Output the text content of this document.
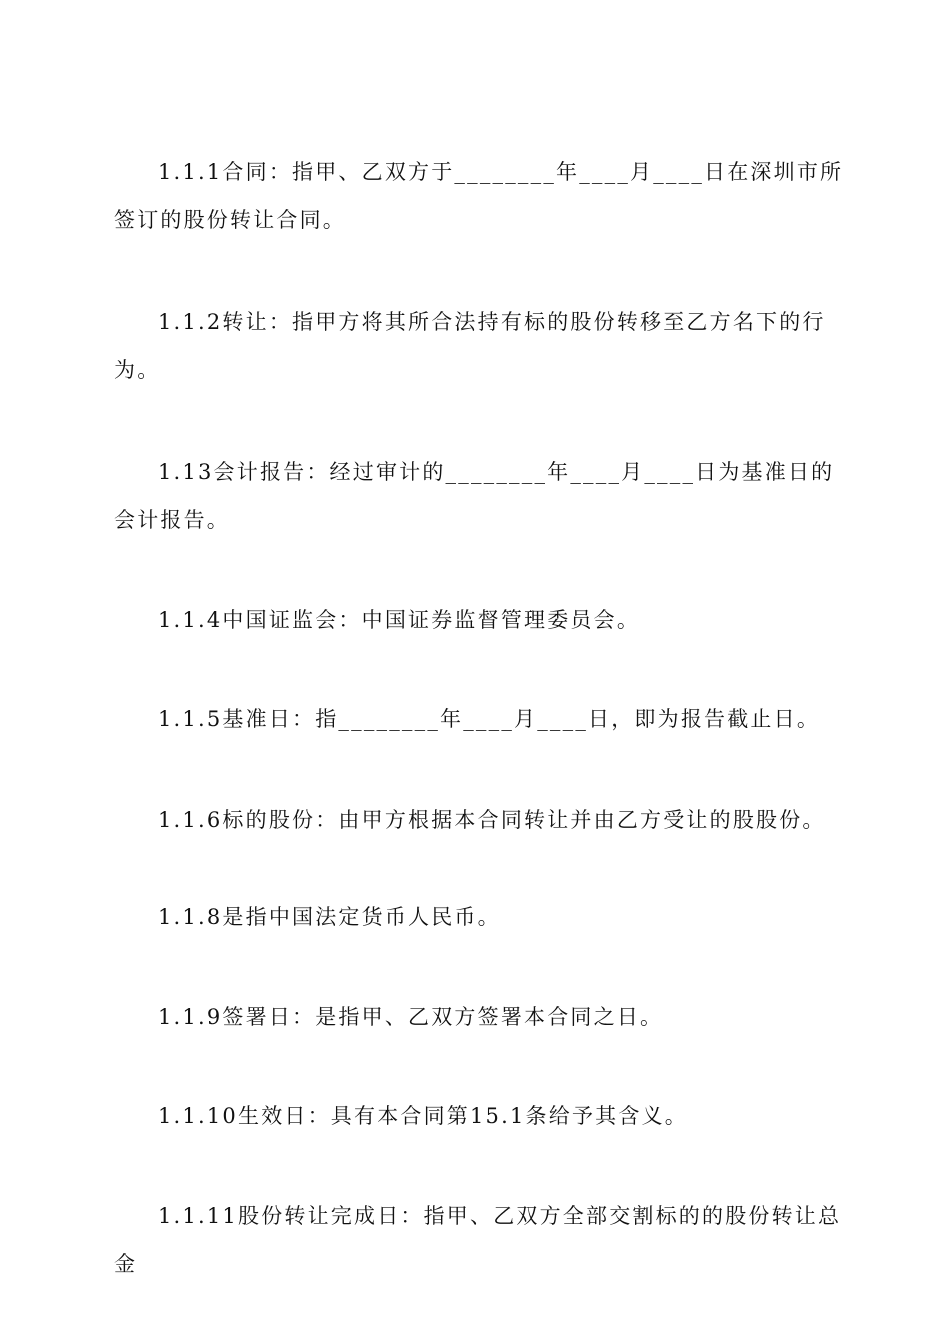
1.1.1合同：指甲、乙双方于________年____月____日在深圳市所签订的股份转让合同。

1.1.2转让：指甲方将其所合法持有标的股份转移至乙方名下的行为。

1.13会计报告：经过审计的________年____月____日为基准日的会计报告。

1.1.4中国证监会：中国证券监督管理委员会。

1.1.5基准日：指________年____月____日，即为报告截止日。

1.1.6标的股份：由甲方根据本合同转让并由乙方受让的股股份。

1.1.8是指中国法定货币人民币。

1.1.9签署日：是指甲、乙双方签署本合同之日。

1.1.10生效日：具有本合同第15.1条给予其含义。

1.1.11股份转让完成日：指甲、乙双方全部交割标的的股份转让总金
